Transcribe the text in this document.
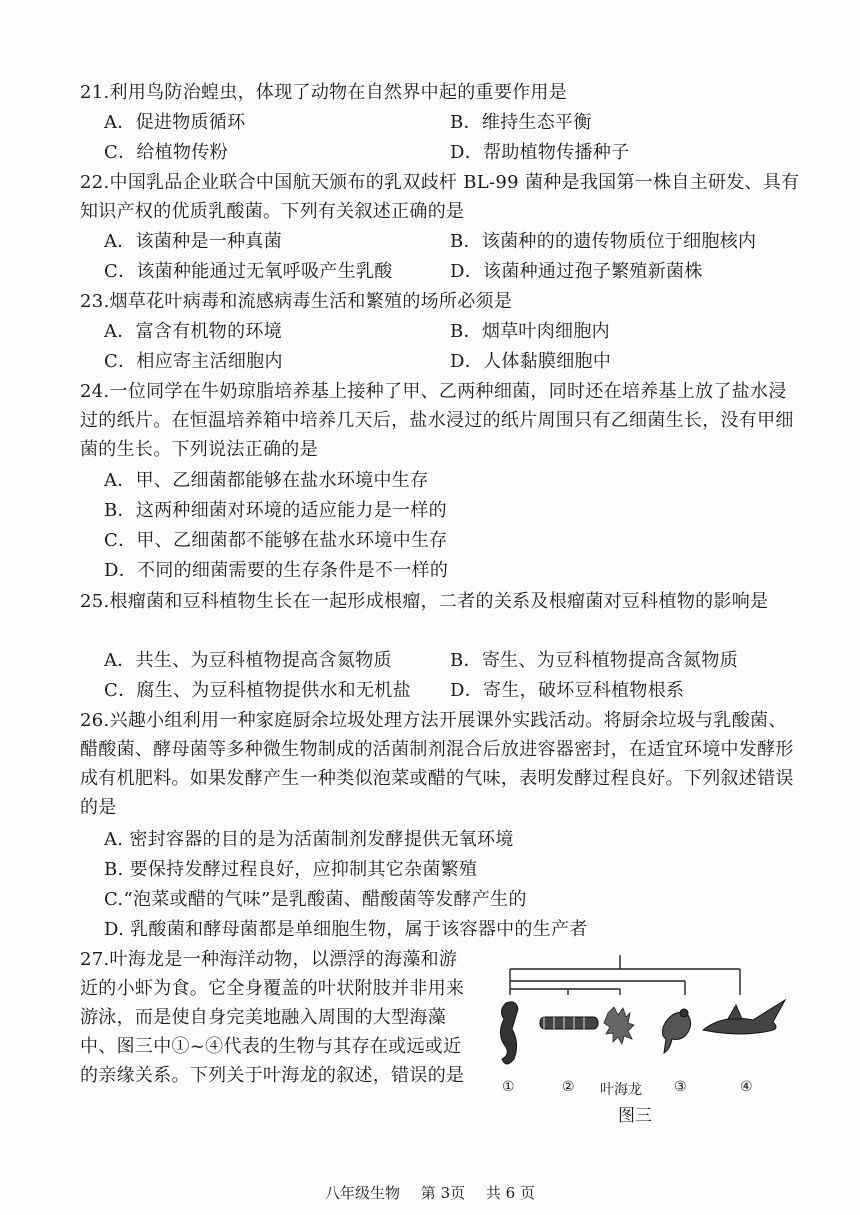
21.利用鸟防治蝗虫，体现了动物在自然界中起的重要作用是
A．促进物质循环	B．维持生态平衡
C．给植物传粉	D．帮助植物传播种子
22.中国乳品企业联合中国航天颁布的乳双歧杆 BL-99 菌种是我国第一株自主研发、具有知识产权的优质乳酸菌。下列有关叙述正确的是
A．该菌种是一种真菌	B．该菌种的的遗传物质位于细胞核内
C．该菌种能通过无氧呼吸产生乳酸	D．该菌种通过孢子繁殖新菌株
23.烟草花叶病毒和流感病毒生活和繁殖的场所必须是
A．富含有机物的环境	B．烟草叶肉细胞内
C．相应寄主活细胞内	D．人体黏膜细胞中
24.一位同学在牛奶琼脂培养基上接种了甲、乙两种细菌，同时还在培养基上放了盐水浸过的纸片。在恒温培养箱中培养几天后，盐水浸过的纸片周围只有乙细菌生长，没有甲细菌的生长。下列说法正确的是
A．甲、乙细菌都能够在盐水环境中生存
B．这两种细菌对环境的适应能力是一样的
C．甲、乙细菌都不能够在盐水环境中生存
D．不同的细菌需要的生存条件是不一样的
25.根瘤菌和豆科植物生长在一起形成根瘤，二者的关系及根瘤菌对豆科植物的影响是
A．共生、为豆科植物提高含氮物质	B．寄生、为豆科植物提高含氮物质
C．腐生、为豆科植物提供水和无机盐 D．寄生，破坏豆科植物根系
26.兴趣小组利用一种家庭厨余垃圾处理方法开展课外实践活动。将厨余垃圾与乳酸菌、醋酸菌、酵母菌等多种微生物制成的活菌制剂混合后放进容器密封，在适宜环境中发酵形成有机肥料。如果发酵产生一种类似泡菜或醋的气味，表明发酵过程良好。下列叙述错误的是
A. 密封容器的目的是为活菌制剂发酵提供无氧环境
B. 要保持发酵过程良好，应抑制其它杂菌繁殖
C.“泡菜或醋的气味”是乳酸菌、醋酸菌等发酵产生的
D. 乳酸菌和酵母菌都是单细胞生物，属于该容器中的生产者
27.叶海龙是一种海洋动物，以漂浮的海藻和游近的小虾为食。它全身覆盖的叶状附肢并非用来游泳，而是使自身完美地融入周围的大型海藻中、图三中①~④代表的生物与其存在或远或近的亲缘关系。下列关于叶海龙的叙述，错误的是
①	② 叶海龙 ③	④
图三
八年级生物 第 3页 共 6 页
